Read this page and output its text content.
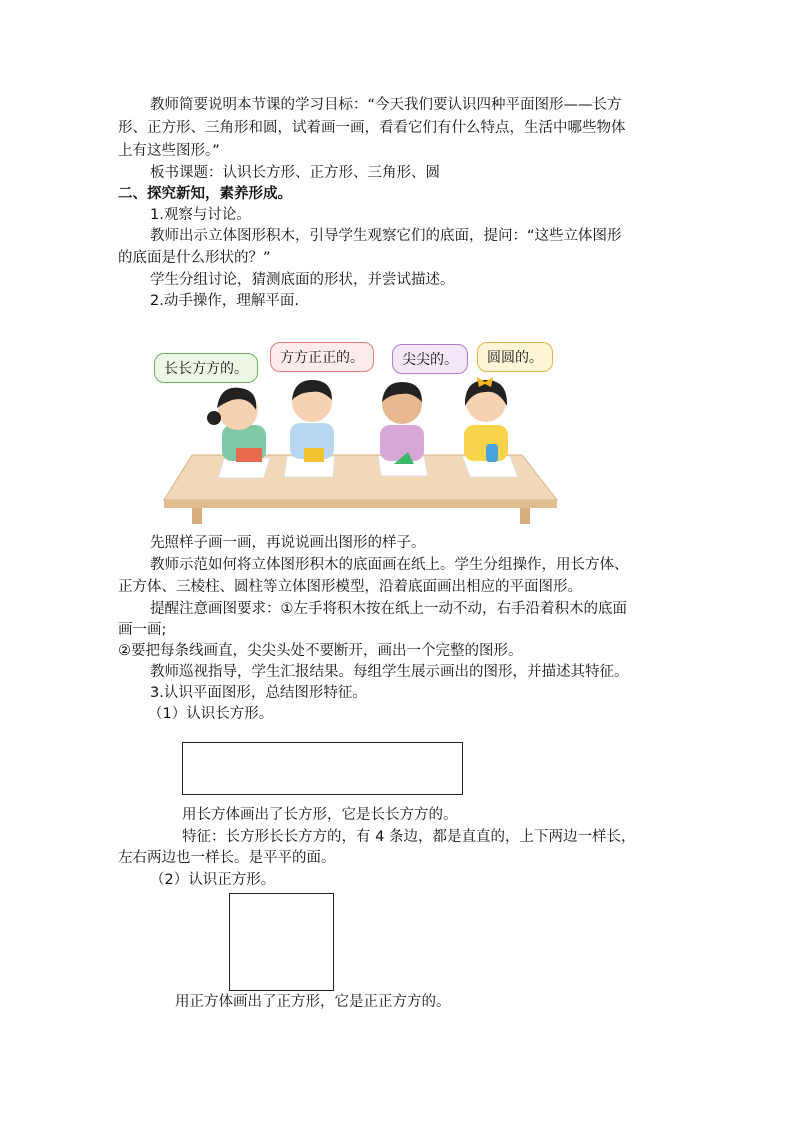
教师简要说明本节课的学习目标：“今天我们要认识四种平面图形——长方
形、正方形、三角形和圆，试着画一画，看看它们有什么特点，生活中哪些物体
上有这些图形。”
板书课题：认识长方形、正方形、三角形、圆
二、探究新知，素养形成。
1.观察与讨论。
教师出示立体图形积木，引导学生观察它们的底面，提问：“这些立体图形
的底面是什么形状的？”
学生分组讨论，猜测底面的形状，并尝试描述。
2.动手操作，理解平面.
长长方方的。
方方正正的。	尖尖的。	圆圆的。
先照样子画一画，再说说画出图形的样子。
教师示范如何将立体图形积木的底面画在纸上。学生分组操作，用长方体、
正方体、三棱柱、圆柱等立体图形模型，沿着底面画出相应的平面图形。
提醒注意画图要求：①左手将积木按在纸上一动不动，右手沿着积木的底面
画一画;
②要把每条线画直，尖尖头处不要断开，画出一个完整的图形。
教师巡视指导，学生汇报结果。每组学生展示画出的图形，并描述其特征。
3.认识平面图形，总结图形特征。
（1）认识长方形。
用长方体画出了长方形，它是长长方方的。
特征：长方形长长方方的，有 4 条边，都是直直的，上下两边一样长，
左右两边也一样长。是平平的面。
（2）认识正方形。
用正方体画出了正方形，它是正正方方的。
